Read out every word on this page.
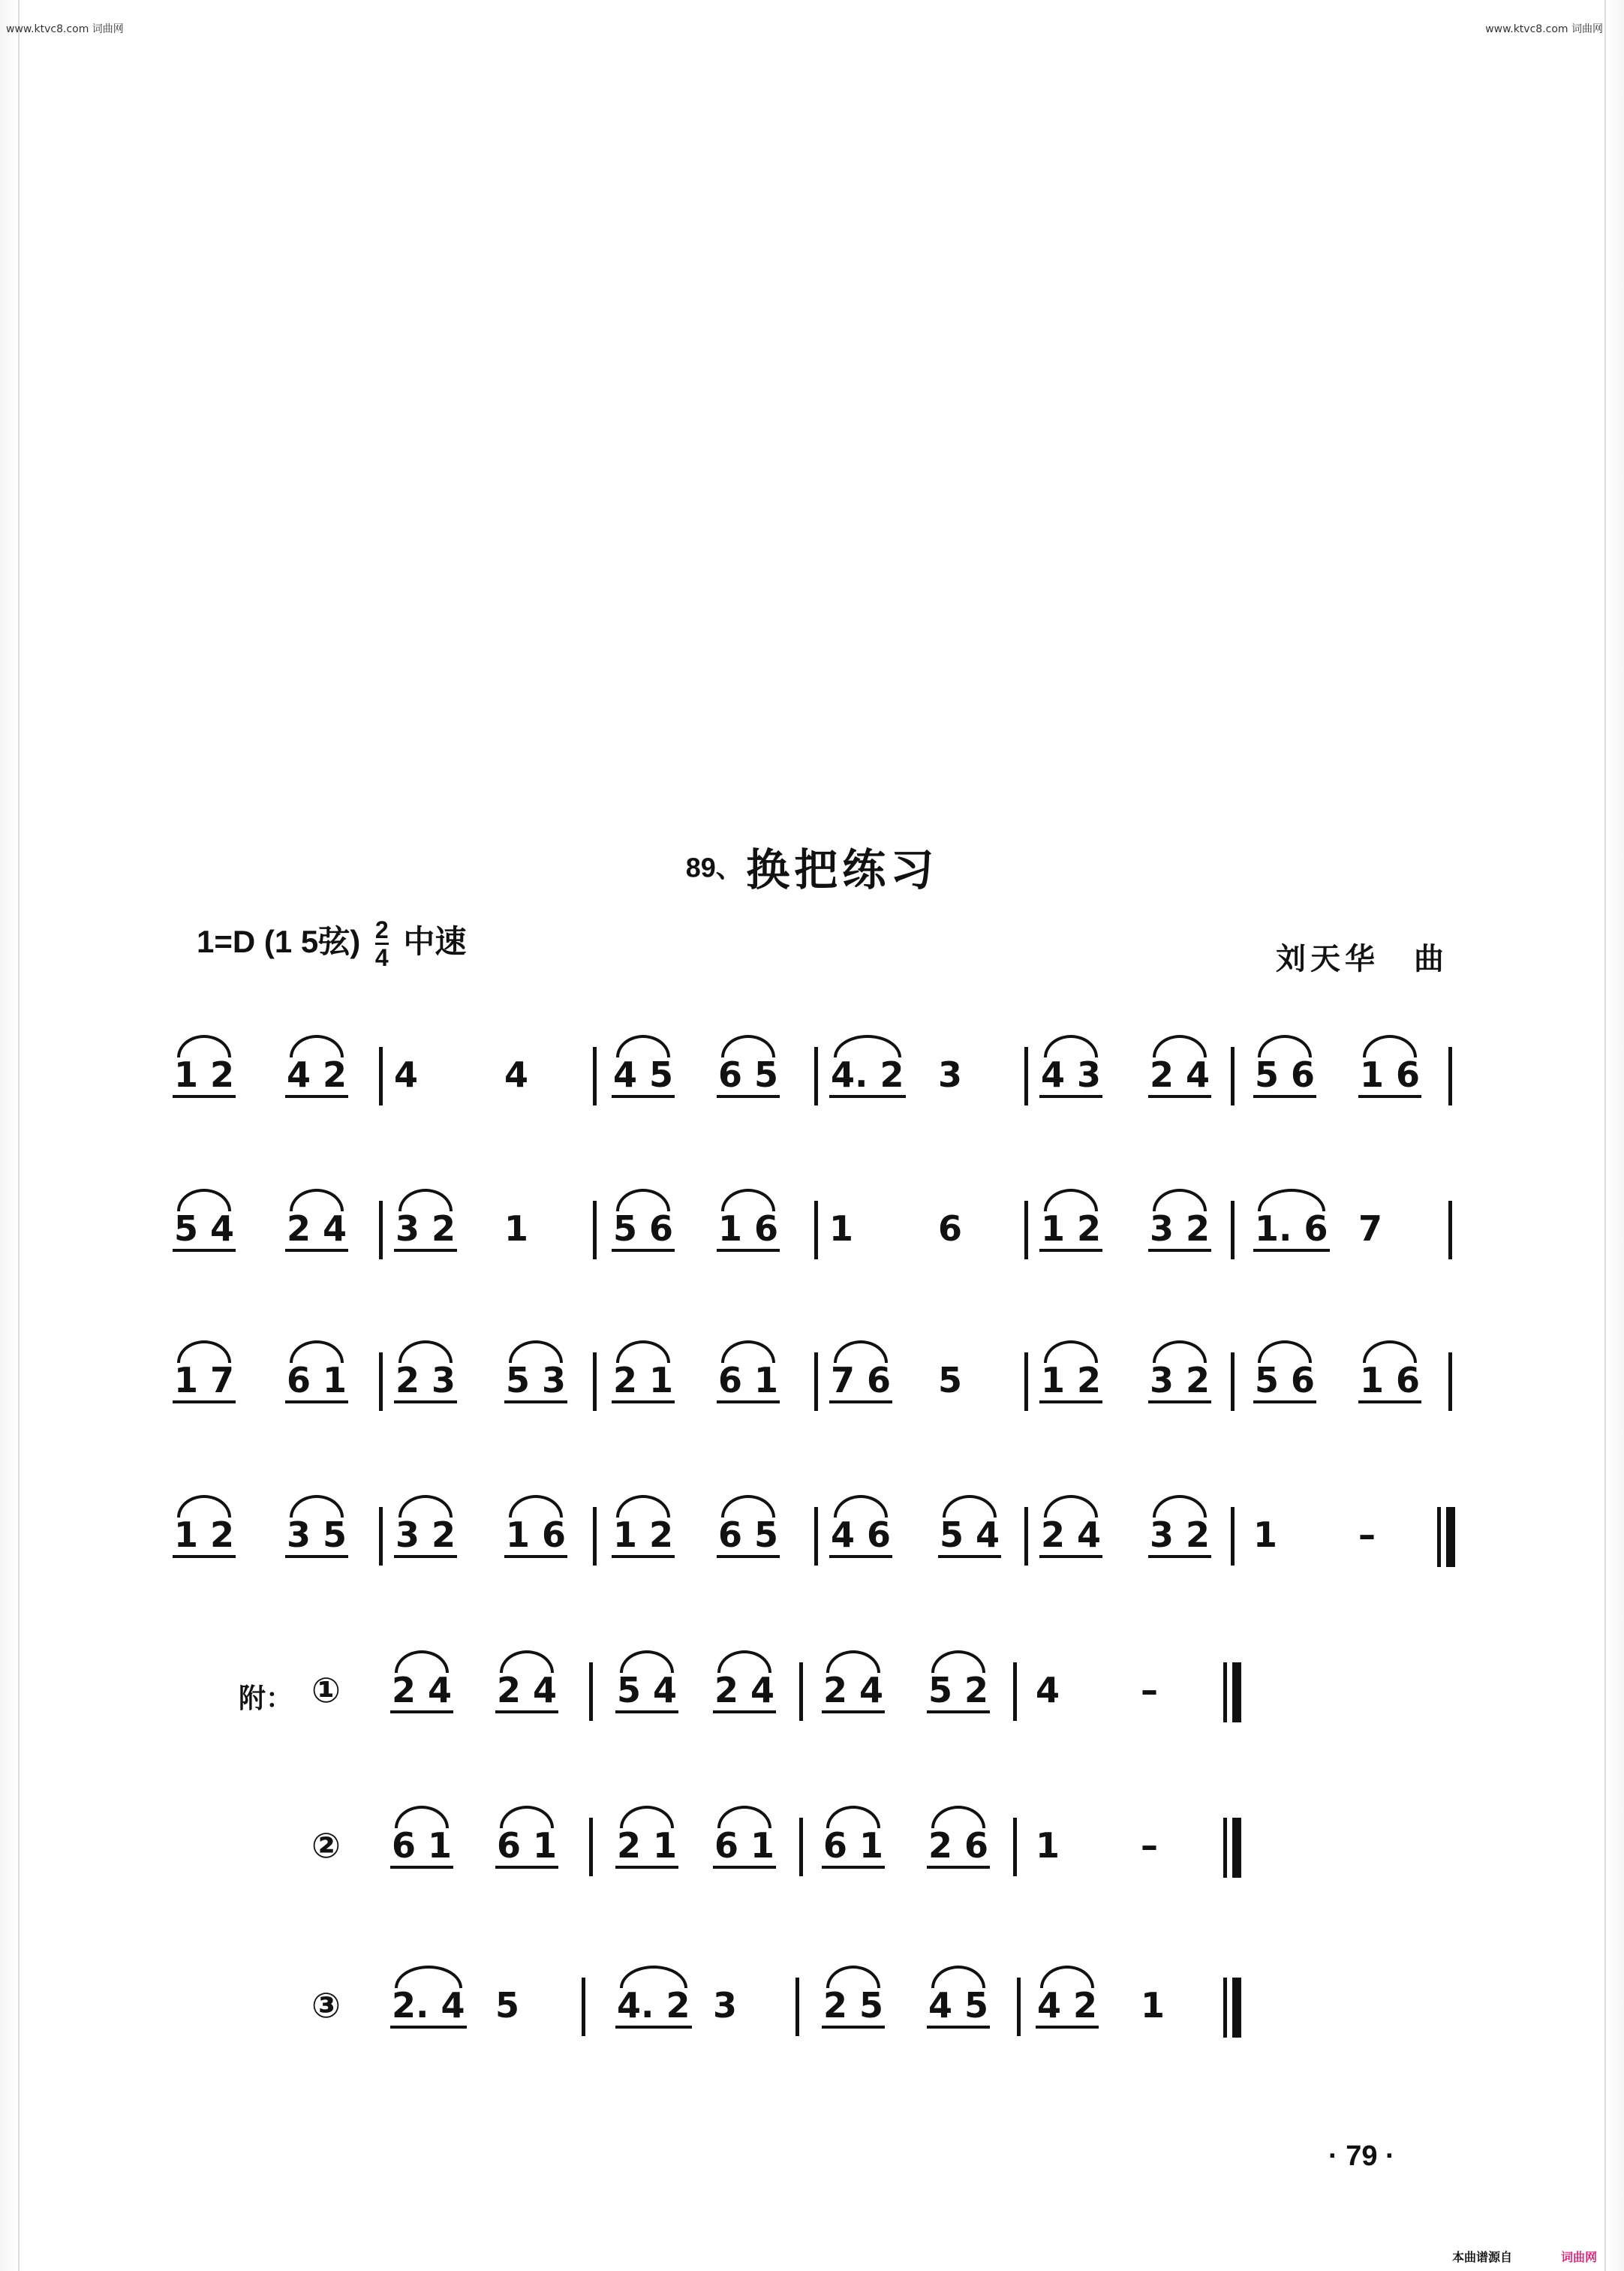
www.ktvc8.com 词曲网	www.ktvc8.com 词曲网
89、 换把练习
1=D (1 5弦) $\frac{2}{4}$ 中速	刘天华　曲
1 2 4 2 4 4 4 5 6 5 4. 2 3 4 3 2 4 5 6 1 6
5 4 2 4 3 2 1 5 6 1 6 1 6 1 2 3 2 1. 6 7
1 7 6 1 2 3 5 3 2 1 6 1 7 6 5 1 2 3 2 5 6 1 6
1 2 3 5 3 2 1 6 1 2 6 5 4 6 5 4 2 4 3 2 1 –
附： ① 2 4 2 4 5 4 2 4 2 4 5 2 4 –
② 6 1 6 1 2 1 6 1 6 1 2 6 1 –
③ 2. 4 5	4. 2 3 2 5 4 5 4 2 1
· 79 ·
本曲谱源自	词曲网
